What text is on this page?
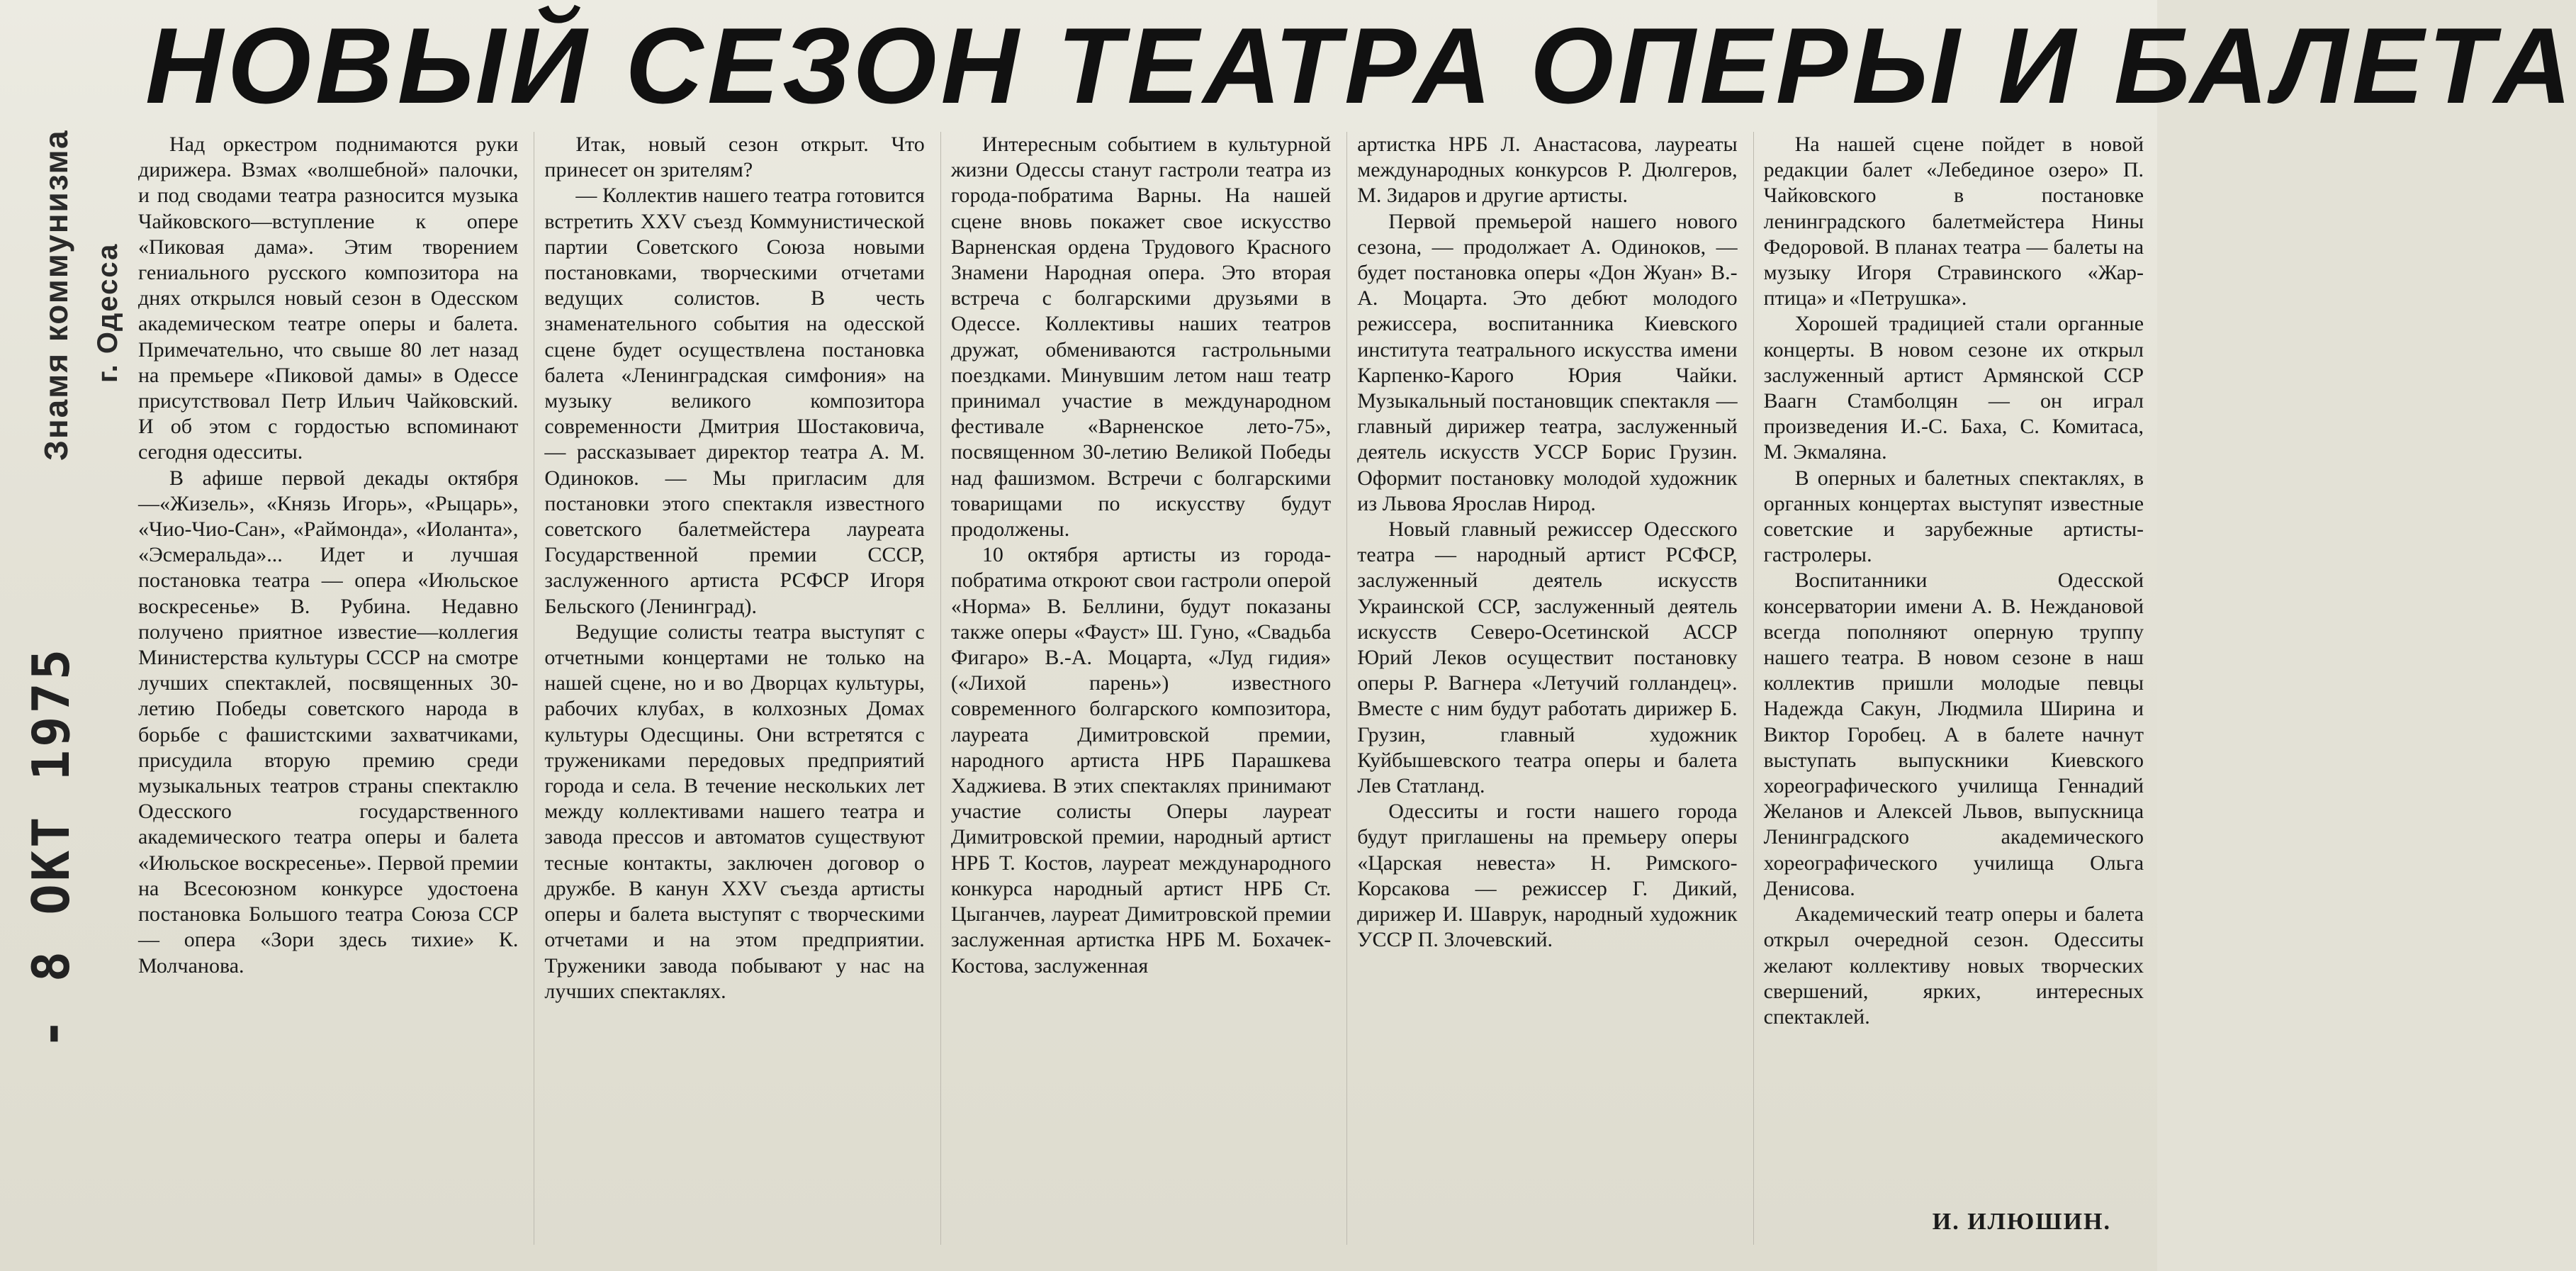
Знамя коммунизма г. Одесса
- 8 ОКТ 1975
НОВЫЙ СЕЗОН ТЕАТРА ОПЕРЫ И БАЛЕТА

Над оркестром поднимаются руки дирижера. Взмах «волшебной» палочки, и под сводами театра разносится музыка Чайковского—вступление к опере «Пиковая дама». Этим творением гениального русского композитора на днях открылся новый сезон в Одесском академическом театре оперы и балета. Примечательно, что свыше 80 лет назад на премьере «Пиковой дамы» в Одессе присутствовал Петр Ильич Чайковский. И об этом с гордостью вспоминают сегодня одесситы.

В афише первой декады октября—«Жизель», «Князь Игорь», «Рыцарь», «Чио-Чио-Сан», «Раймонда», «Иоланта», «Эсмеральда»... Идет и лучшая постановка театра — опера «Июльское воскресенье» В. Рубина. Недавно получено приятное известие—коллегия Министерства культуры СССР на смотре лучших спектаклей, посвященных 30-летию Победы советского народа в борьбе с фашистскими захватчиками, присудила вторую премию среди музыкальных театров страны спектаклю Одесского государственного академического театра оперы и балета «Июльское воскресенье». Первой премии на Всесоюзном конкурсе удостоена постановка Большого театра Союза ССР — опера «Зори здесь тихие» К. Молчанова.

Итак, новый сезон открыт. Что принесет он зрителям?

— Коллектив нашего театра готовится встретить XXV съезд Коммунистической партии Советского Союза новыми постановками, творческими отчетами ведущих солистов. В честь знаменательного события на одесской сцене будет осуществлена постановка балета «Ленинградская симфония» на музыку великого композитора современности Дмитрия Шостаковича, — рассказывает директор театра А. М. Одиноков. — Мы пригласим для постановки этого спектакля известного советского балетмейстера лауреата Государственной премии СССР, заслуженного артиста РСФСР Игоря Бельского (Ленинград).

Ведущие солисты театра выступят с отчетными концертами не только на нашей сцене, но и во Дворцах культуры, рабочих клубах, в колхозных Домах культуры Одесщины. Они встретятся с тружениками передовых предприятий города и села. В течение нескольких лет между коллективами нашего театра и завода прессов и автоматов существуют тесные контакты, заключен договор о дружбе. В канун XXV съезда артисты оперы и балета выступят с творческими отчетами и на этом предприятии. Труженики завода побывают у нас на лучших спектаклях.

Интересным событием в культурной жизни Одессы станут гастроли театра из города-побратима Варны. На нашей сцене вновь покажет свое искусство Варненская ордена Трудового Красного Знамени Народная опера. Это вторая встреча с болгарскими друзьями в Одессе. Коллективы наших театров дружат, обмениваются гастрольными поездками. Минувшим летом наш театр принимал участие в международном фестивале «Варненское лето-75», посвященном 30-летию Великой Победы над фашизмом. Встречи с болгарскими товарищами по искусству будут продолжены.

10 октября артисты из города-побратима откроют свои гастроли оперой «Норма» В. Беллини, будут показаны также оперы «Фауст» Ш. Гуно, «Свадьба Фигаро» В.-А. Моцарта, «Луд гидия» («Лихой парень») известного современного болгарского композитора, лауреата Димитровской премии, народного артиста НРБ Парашкева Хаджиева. В этих спектаклях принимают участие солисты Оперы лауреат Димитровской премии, народный артист НРБ Т. Костов, лауреат международного конкурса народный артист НРБ Ст. Цыганчев, лауреат Димитровской премии заслуженная артистка НРБ М. Бохачек-Костова, заслуженная

артистка НРБ Л. Анастасова, лауреаты международных конкурсов Р. Дюлгеров, М. Зидаров и другие артисты.

Первой премьерой нашего нового сезона, — продолжает А. Одиноков, — будет постановка оперы «Дон Жуан» В.-А. Моцарта. Это дебют молодого режиссера, воспитанника Киевского института театрального искусства имени Карпенко-Карого Юрия Чайки. Музыкальный постановщик спектакля — главный дирижер театра, заслуженный деятель искусств УССР Борис Грузин. Оформит постановку молодой художник из Львова Ярослав Нирод.

Новый главный режиссер Одесского театра — народный артист РСФСР, заслуженный деятель искусств Украинской ССР, заслуженный деятель искусств Северо-Осетинской АССР Юрий Леков осуществит постановку оперы Р. Вагнера «Летучий голландец». Вместе с ним будут работать дирижер Б. Грузин, главный художник Куйбышевского театра оперы и балета Лев Статланд.

Одесситы и гости нашего города будут приглашены на премьеру оперы «Царская невеста» Н. Римского-Корсакова — режиссер Г. Дикий, дирижер И. Шаврук, народный художник УССР П. Злочевский.

На нашей сцене пойдет в новой редакции балет «Лебединое озеро» П. Чайковского в постановке ленинградского балетмейстера Нины Федоровой. В планах театра — балеты на музыку Игоря Стравинского «Жар-птица» и «Петрушка».

Хорошей традицией стали органные концерты. В новом сезоне их открыл заслуженный артист Армянской ССР Ваагн Стамболцян — он играл произведения И.-С. Баха, С. Комитаса, М. Экмаляна.

В оперных и балетных спектаклях, в органных концертах выступят известные советские и зарубежные артисты-гастролеры.

Воспитанники Одесской консерватории имени А. В. Неждановой всегда пополняют оперную труппу нашего театра. В новом сезоне в наш коллектив пришли молодые певцы Надежда Сакун, Людмила Ширина и Виктор Горобец. А в балете начнут выступать выпускники Киевского хореографического училища Геннадий Желанов и Алексей Львов, выпускница Ленинградского академического хореографического училища Ольга Денисова.

Академический театр оперы и балета открыл очередной сезон. Одесситы желают коллективу новых творческих свершений, ярких, интересных спектаклей.

И. ИЛЮШИН.
